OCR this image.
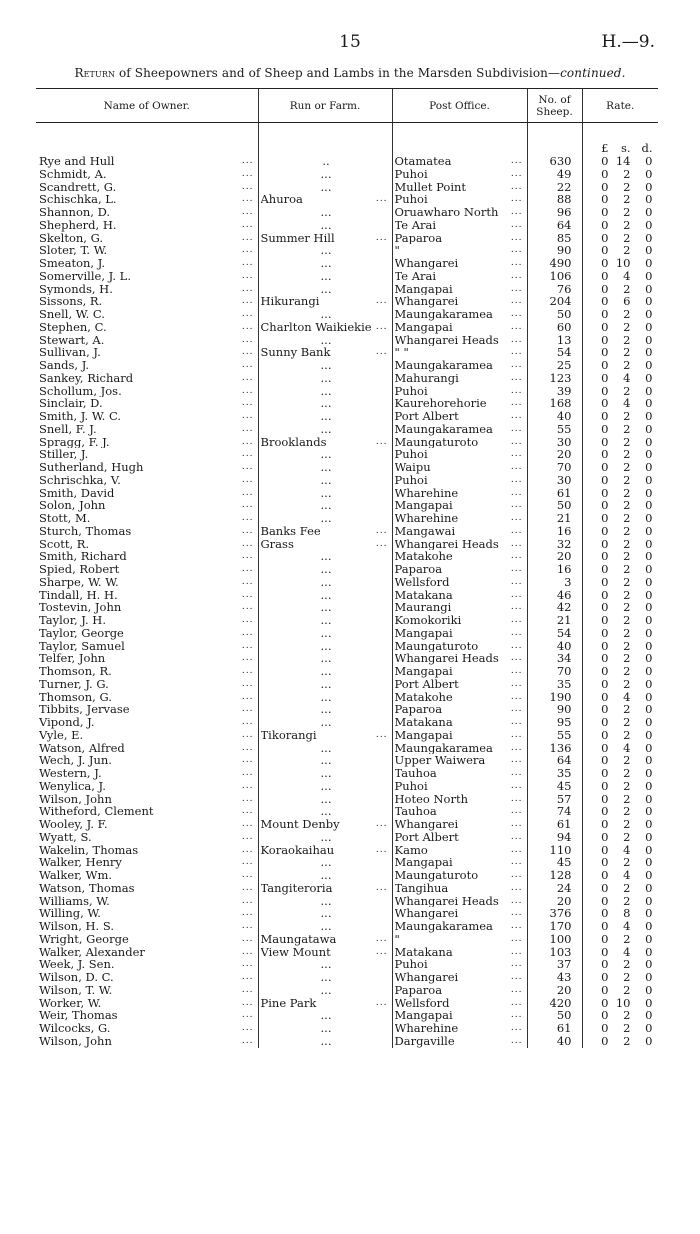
15	H.—9.
Return of Sheepowners and of Sheep and Lambs in the Marsden Subdivision—continued.
Name of Owner.	Run or Farm.	Post Office.	No. of Sheep.	Rate.

				£ s. d.

Rye and Hull ...	..	Otamatea ...	630	0 14 0

Schmidt, A. ...	...	Puhoi ...	49	0 2 0

Scandrett, G. ...	...	Mullet Point ...	22	0 2 0

Schischka, L. ...	Ahuroa ...	Puhoi ...	88	0 2 0

Shannon, D. ...	...	Oruawharo North ...	96	0 2 0

Shepherd, H. ...	...	Te Arai ...	64	0 2 0

Skelton, G. ...	Summer Hill ...	Paparoa ...	85	0 2 0

Sloter, T. W. ...	...	" ...	90	0 2 0

Smeaton, J. ...	...	Whangarei ...	490	0 10 0

Somerville, J. L. ...	...	Te Arai ...	106	0 4 0

Symonds, H. ...	...	Mangapai ...	76	0 2 0

Sissons, R. ...	Hikurangi ...	Whangarei ...	204	0 6 0

Snell, W. C. ...	...	Maungakaramea ...	50	0 2 0

Stephen, C. ...	Charlton Waikiekie ...	Mangapai ...	60	0 2 0

Stewart, A. ...	...	Whangarei Heads ...	13	0 2 0

Sullivan, J. ...	Sunny Bank ...	" " ...	54	0 2 0

Sands, J. ...	...	Maungakaramea ...	25	0 2 0

Sankey, Richard ...	...	Mahurangi ...	123	0 4 0

Schollum, Jos. ...	...	Puhoi ...	39	0 2 0

Sinclair, D. ...	...	Kaurehorehorie ...	168	0 4 0

Smith, J. W. C. ...	...	Port Albert ...	40	0 2 0

Snell, F. J. ...	...	Maungakaramea ...	55	0 2 0

Spragg, F. J. ...	Brooklands ...	Maungaturoto ...	30	0 2 0

Stiller, J. ...	...	Puhoi ...	20	0 2 0

Sutherland, Hugh ...	...	Waipu ...	70	0 2 0

Schrischka, V. ...	...	Puhoi ...	30	0 2 0

Smith, David ...	...	Wharehine ...	61	0 2 0

Solon, John ...	...	Mangapai ...	50	0 2 0

Stott, M. ...	...	Wharehine ...	21	0 2 0

Sturch, Thomas ...	Banks Fee ...	Mangawai ...	16	0 2 0

Scott, R. ...	Grass ...	Whangarei Heads ...	32	0 2 0

Smith, Richard ...	...	Matakohe ...	20	0 2 0

Spied, Robert ...	...	Paparoa ...	16	0 2 0

Sharpe, W. W. ...	...	Wellsford ...	3	0 2 0

Tindall, H. H. ...	...	Matakana ...	46	0 2 0

Tostevin, John ...	...	Maurangi ...	42	0 2 0

Taylor, J. H. ...	...	Komokoriki ...	21	0 2 0

Taylor, George ...	...	Mangapai ...	54	0 2 0

Taylor, Samuel ...	...	Maungaturoto ...	40	0 2 0

Telfer, John ...	...	Whangarei Heads ...	34	0 2 0

Thomson, R. ...	...	Mangapai ...	70	0 2 0

Turner, J. G. ...	...	Port Albert ...	35	0 2 0

Thomson, G. ...	...	Matakohe ...	190	0 4 0

Tibbits, Jervase ...	...	Paparoa ...	90	0 2 0

Vipond, J. ...	...	Matakana ...	95	0 2 0

Vyle, E. ...	Tikorangi ...	Mangapai ...	55	0 2 0

Watson, Alfred ...	...	Maungakaramea ...	136	0 4 0

Wech, J. Jun. ...	...	Upper Waiwera ...	64	0 2 0

Western, J. ...	...	Tauhoa ...	35	0 2 0

Wenylica, J. ...	...	Puhoi ...	45	0 2 0

Wilson, John ...	...	Hoteo North ...	57	0 2 0

Witheford, Clement ...	...	Tauhoa ...	74	0 2 0

Wooley, J. F. ...	Mount Denby ...	Whangarei ...	61	0 2 0

Wyatt, S. ...	...	Port Albert ...	94	0 2 0

Wakelin, Thomas ...	Koraokaihau ...	Kamo ...	110	0 4 0

Walker, Henry ...	...	Mangapai ...	45	0 2 0

Walker, Wm. ...	...	Maungaturoto ...	128	0 4 0

Watson, Thomas ...	Tangiteroria ...	Tangihua ...	24	0 2 0

Williams, W. ...	...	Whangarei Heads ...	20	0 2 0

Willing, W. ...	...	Whangarei ...	376	0 8 0

Wilson, H. S. ...	...	Maungakaramea ...	170	0 4 0

Wright, George ...	Maungatawa ...	" ...	100	0 2 0

Walker, Alexander ...	View Mount ...	Matakana ...	103	0 4 0

Week, J. Sen. ...	...	Puhoi ...	37	0 2 0

Wilson, D. C. ...	...	Whangarei ...	43	0 2 0

Wilson, T. W. ...	...	Paparoa ...	20	0 2 0

Worker, W. ...	Pine Park ...	Wellsford ...	420	0 10 0

Weir, Thomas ...	...	Mangapai ...	50	0 2 0

Wilcocks, G. ...	...	Wharehine ...	61	0 2 0

Wilson, John ...	...	Dargaville ...	40	0 2 0
